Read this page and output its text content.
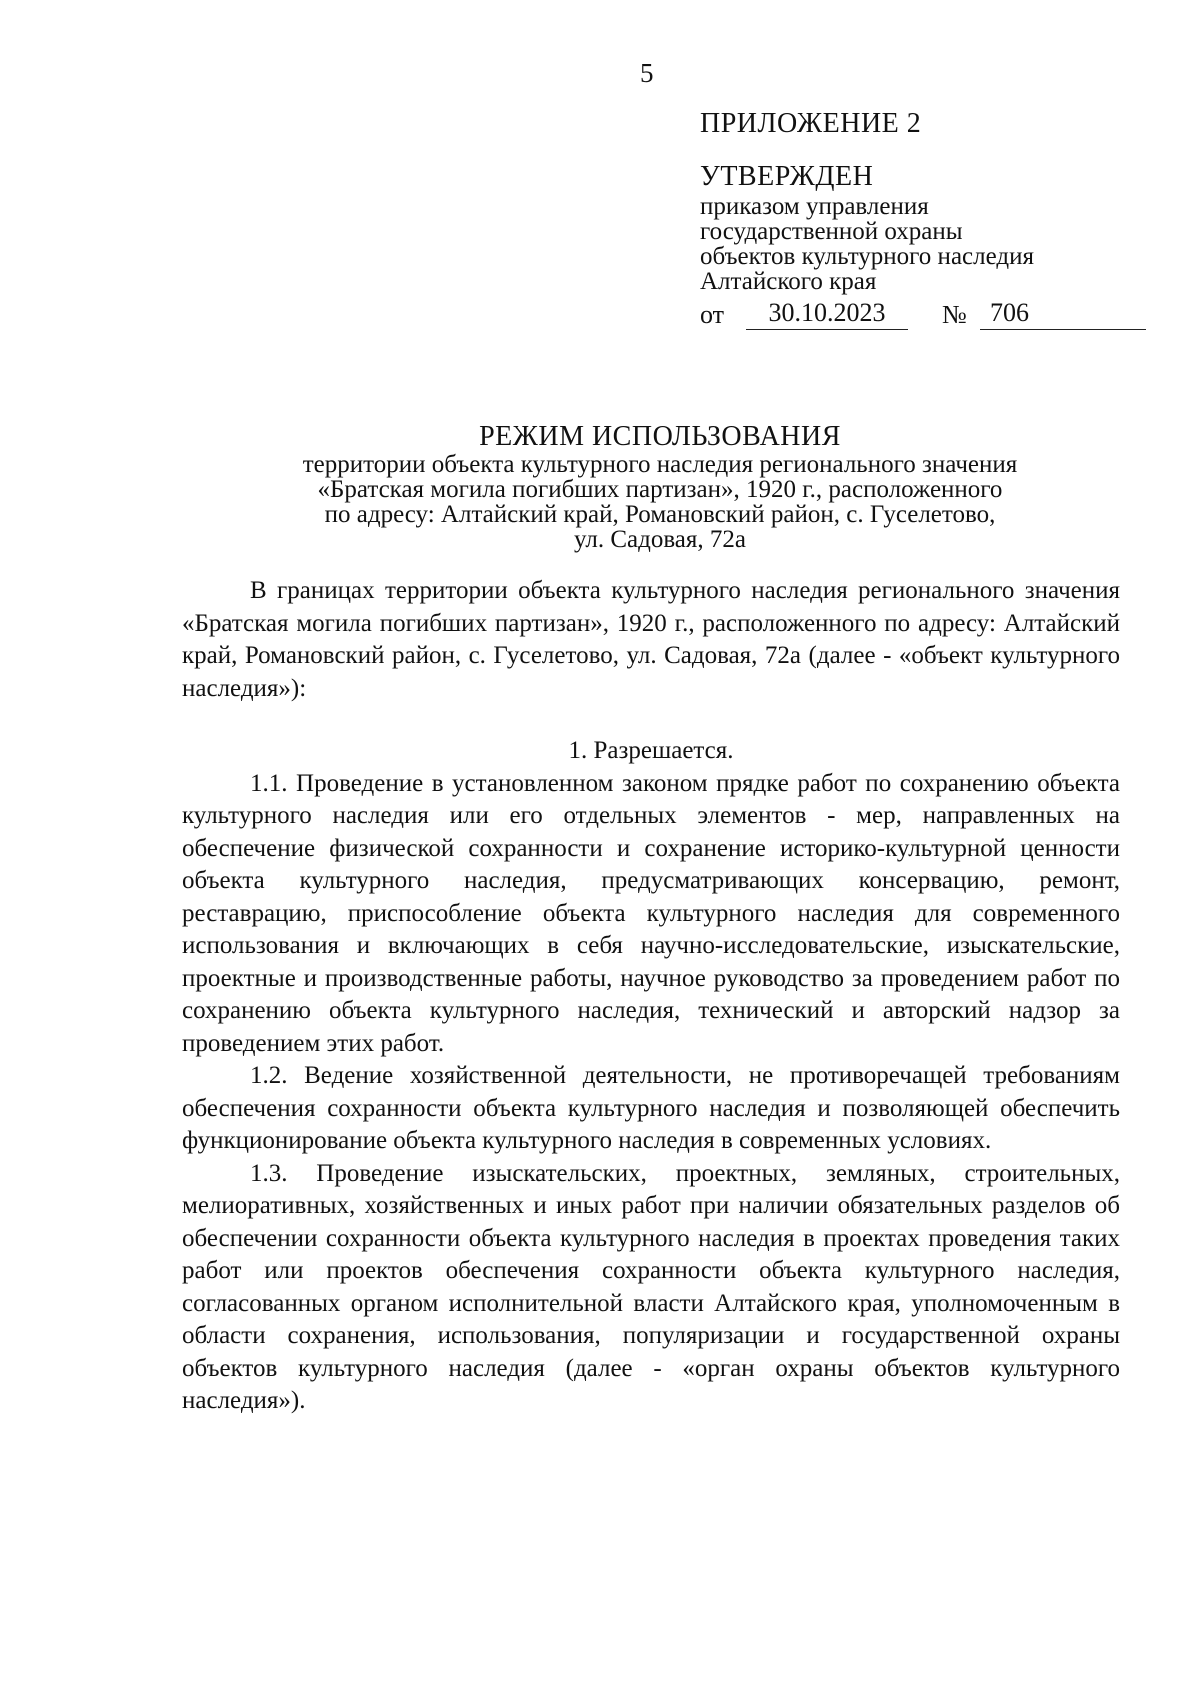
5
ПРИЛОЖЕНИЕ 2
УТВЕРЖДЕН
приказом управления
государственной охраны
объектов культурного наследия
Алтайского края
от	30.10.2023	№ 706
РЕЖИМ ИСПОЛЬЗОВАНИЯ
территории объекта культурного наследия регионального значения
«Братская могила погибших партизан», 1920 г., расположенного
по адресу: Алтайский край, Романовский район, с. Гуселетово,
ул. Садовая, 72а

В границах территории объекта культурного наследия регионального значения «Братская могила погибших партизан», 1920 г., расположенного по адресу: Алтайский край, Романовский район, с. Гуселетово, ул. Садовая, 72а (далее - «объект культурного наследия»):

1. Разрешается.

1.1. Проведение в установленном законом прядке работ по сохранению объекта культурного наследия или его отдельных элементов - мер, направленных на обеспечение физической сохранности и сохранение историко-культурной ценности объекта культурного наследия, предусматривающих консервацию, ремонт, реставрацию, приспособление объекта культурного наследия для современного использования и включающих в себя научно-исследовательские, изыскательские, проектные и производственные работы, научное руководство за проведением работ по сохранению объекта культурного наследия, технический и авторский надзор за проведением этих работ.

1.2. Ведение хозяйственной деятельности, не противоречащей требованиям обеспечения сохранности объекта культурного наследия и позволяющей обеспечить функционирование объекта культурного наследия в современных условиях.

1.3. Проведение изыскательских, проектных, земляных, строительных, мелиоративных, хозяйственных и иных работ при наличии обязательных разделов об обеспечении сохранности объекта культурного наследия в проектах проведения таких работ или проектов обеспечения сохранности объекта культурного наследия, согласованных органом исполнительной власти Алтайского края, уполномоченным в области сохранения, использования, популяризации и государственной охраны объектов культурного наследия (далее - «орган охраны объектов культурного наследия»).
